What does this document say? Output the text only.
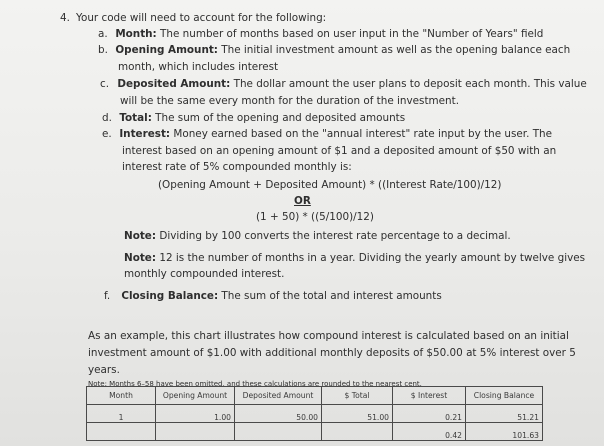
4. Your code will need to account for the following:
a. Month: The number of months based on user input in the "Number of Years" field
b. Opening Amount: The initial investment amount as well as the opening balance each
month, which includes interest
c. Deposited Amount: The dollar amount the user plans to deposit each month. This value
will be the same every month for the duration of the investment.
d. Total: The sum of the opening and deposited amounts
e. Interest: Money earned based on the "annual interest" rate input by the user. The
interest based on an opening amount of $1 and a deposited amount of $50 with an
interest rate of 5% compounded monthly is:
(Opening Amount + Deposited Amount) * ((Interest Rate/100)/12)
OR
(1 + 50) * ((5/100)/12)
Note: Dividing by 100 converts the interest rate percentage to a decimal.
Note: 12 is the number of months in a year. Dividing the yearly amount by twelve gives
monthly compounded interest.
f. Closing Balance: The sum of the total and interest amounts
As an example, this chart illustrates how compound interest is calculated based on an initial
investment amount of $1.00 with additional monthly deposits of $50.00 at 5% interest over 5
years.
Note: Months 6–58 have been omitted, and these calculations are rounded to the nearest cent.
Month	Opening Amount	Deposited Amount	$ Total	$ Interest	Closing Balance
1	1.00	50.00	51.00	0.21	51.21
				0.42	101.63
